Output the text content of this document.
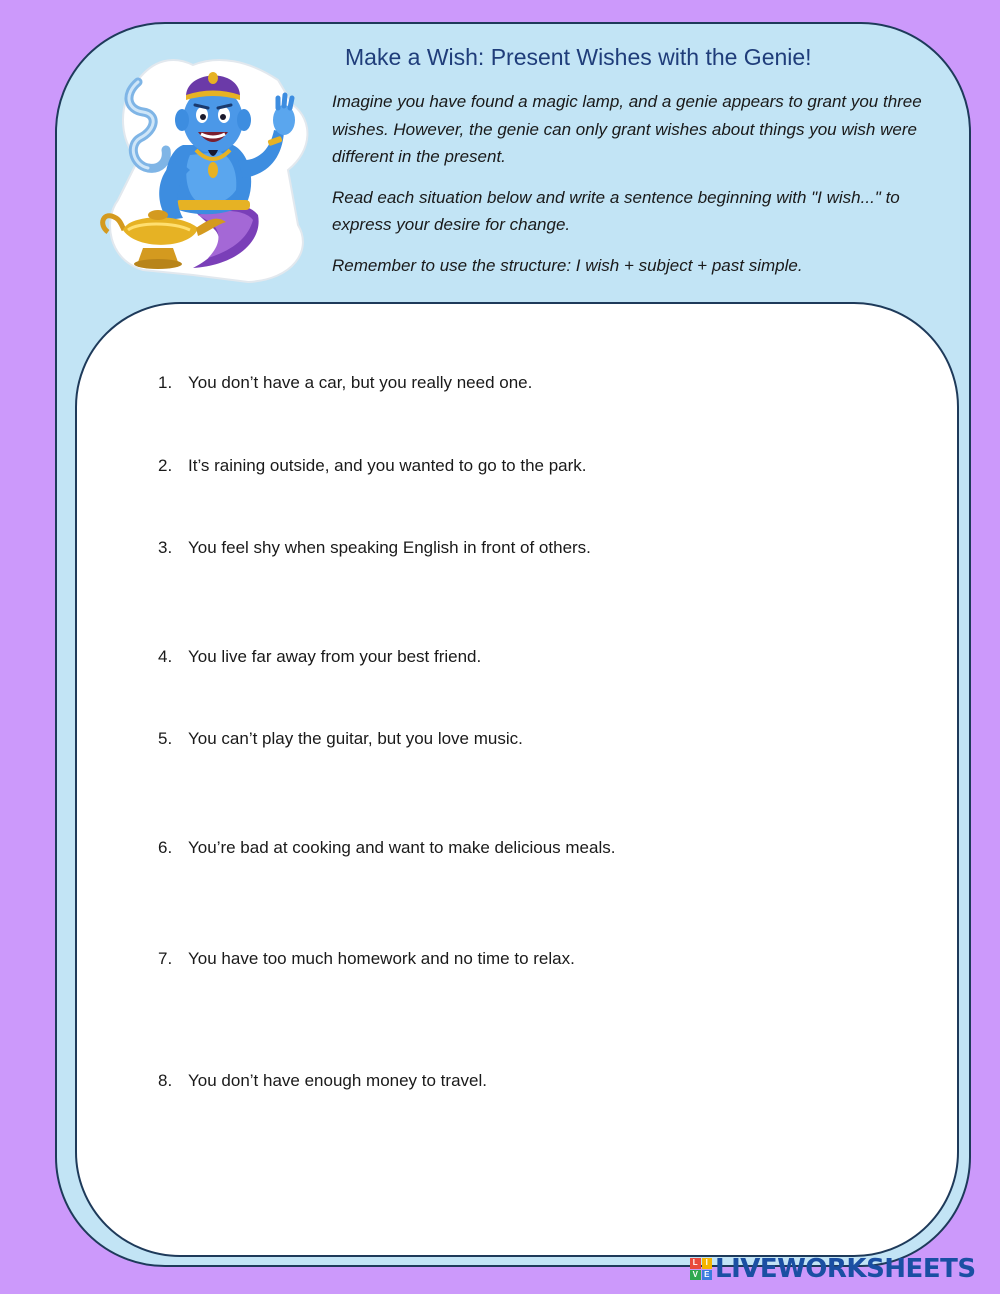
Make a Wish: Present Wishes with the Genie!

Imagine you have found a magic lamp, and a genie appears to grant you three wishes. However, the genie can only grant wishes about things you wish were different in the present.

Read each situation below and write a sentence beginning with "I wish..." to express your desire for change.

Remember to use the structure: I wish + subject + past simple.

1. You don’t have a car, but you really need one.
2. It’s raining outside, and you wanted to go to the park.
3. You feel shy when speaking English in front of others.
4. You live far away from your best friend.
5. You can’t play the guitar, but you love music.
6. You’re bad at cooking and want to make delicious meals.
7. You have too much homework and no time to relax.
8. You don’t have enough money to travel.
L I
V E LIVEWORKSHEETS
